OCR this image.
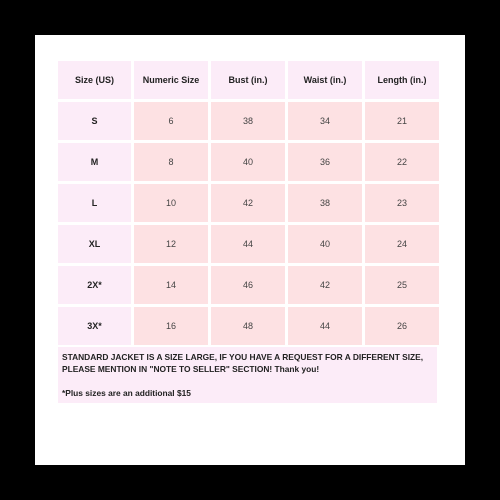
Size (US)	Numeric Size	Bust (in.)	Waist (in.)	Length (in.)
S	6	38	34	21
M	8	40	36	22
L	10	42	38	23
XL	12	44	40	24
2X*	14	46	42	25
3X*	16	48	44	26

STANDARD JACKET IS A SIZE LARGE, IF YOU HAVE A REQUEST FOR A DIFFERENT SIZE, PLEASE MENTION IN "NOTE TO SELLER" SECTION! Thank you!

*Plus sizes are an additional $15
